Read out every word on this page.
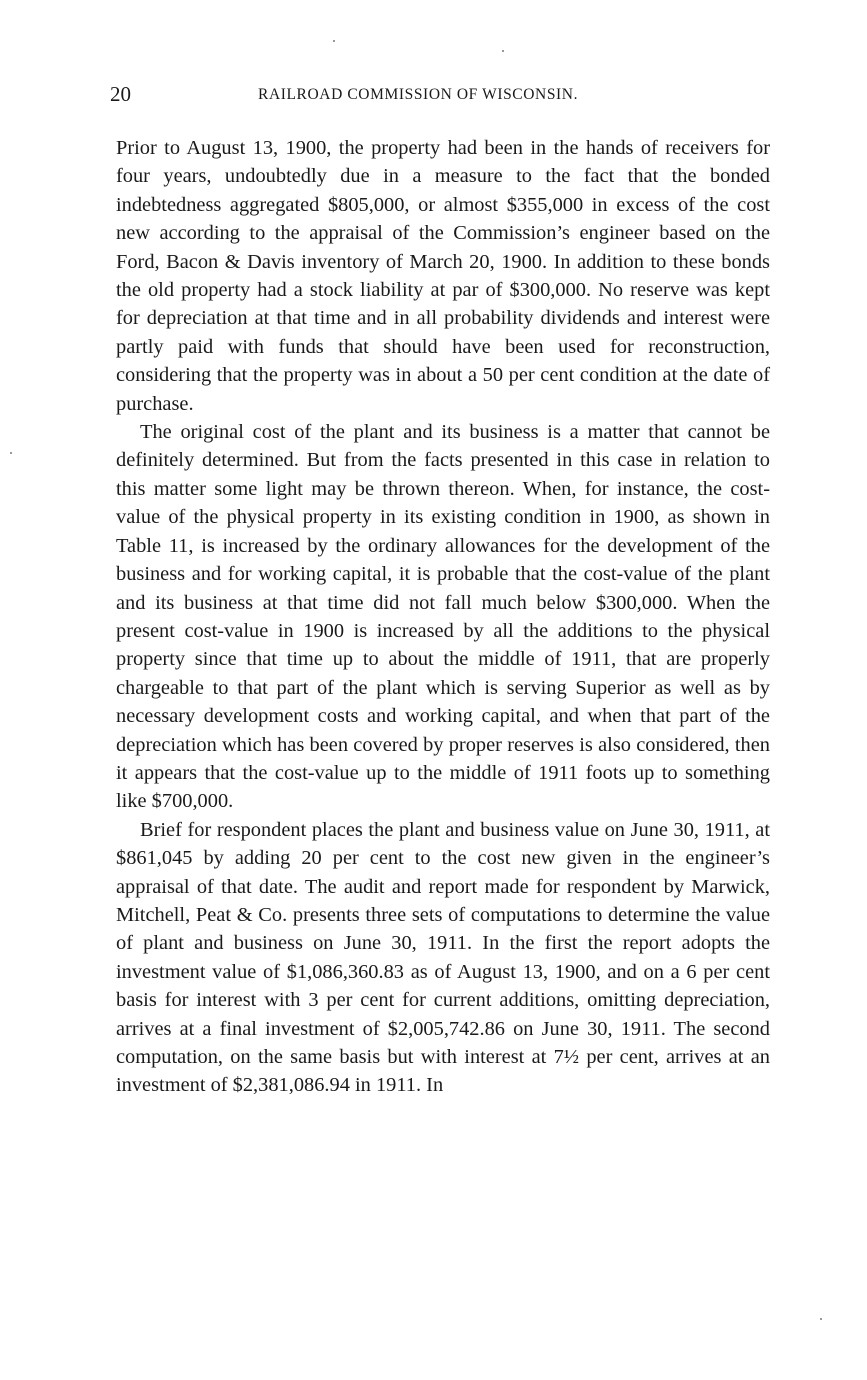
20	RAILROAD COMMISSION OF WISCONSIN.

Prior to August 13, 1900, the property had been in the hands of receivers for four years, undoubtedly due in a measure to the fact that the bonded indebtedness aggregated $805,000, or almost $355,000 in excess of the cost new according to the appraisal of the Commission’s engineer based on the Ford, Bacon & Davis inventory of March 20, 1900. In addition to these bonds the old property had a stock liability at par of $300,000. No reserve was kept for depreciation at that time and in all probability dividends and interest were partly paid with funds that should have been used for reconstruction, considering that the property was in about a 50 per cent condition at the date of purchase.

The original cost of the plant and its business is a matter that cannot be definitely determined. But from the facts presented in this case in relation to this matter some light may be thrown thereon. When, for instance, the cost-value of the physical property in its existing condition in 1900, as shown in Table 11, is increased by the ordinary allowances for the development of the business and for working capital, it is probable that the cost-value of the plant and its business at that time did not fall much below $300,000. When the present cost-value in 1900 is increased by all the additions to the physical property since that time up to about the middle of 1911, that are properly chargeable to that part of the plant which is serving Superior as well as by necessary development costs and working capital, and when that part of the depreciation which has been covered by proper reserves is also considered, then it appears that the cost-value up to the middle of 1911 foots up to something like $700,000.

Brief for respondent places the plant and business value on June 30, 1911, at $861,045 by adding 20 per cent to the cost new given in the engineer’s appraisal of that date. The audit and report made for respondent by Marwick, Mitchell, Peat & Co. presents three sets of computations to determine the value of plant and business on June 30, 1911. In the first the report adopts the investment value of $1,086,360.83 as of August 13, 1900, and on a 6 per cent basis for interest with 3 per cent for current additions, omitting depreciation, arrives at a final investment of $2,005,742.86 on June 30, 1911. The second computation, on the same basis but with interest at 7½ per cent, arrives at an investment of $2,381,086.94 in 1911. In
